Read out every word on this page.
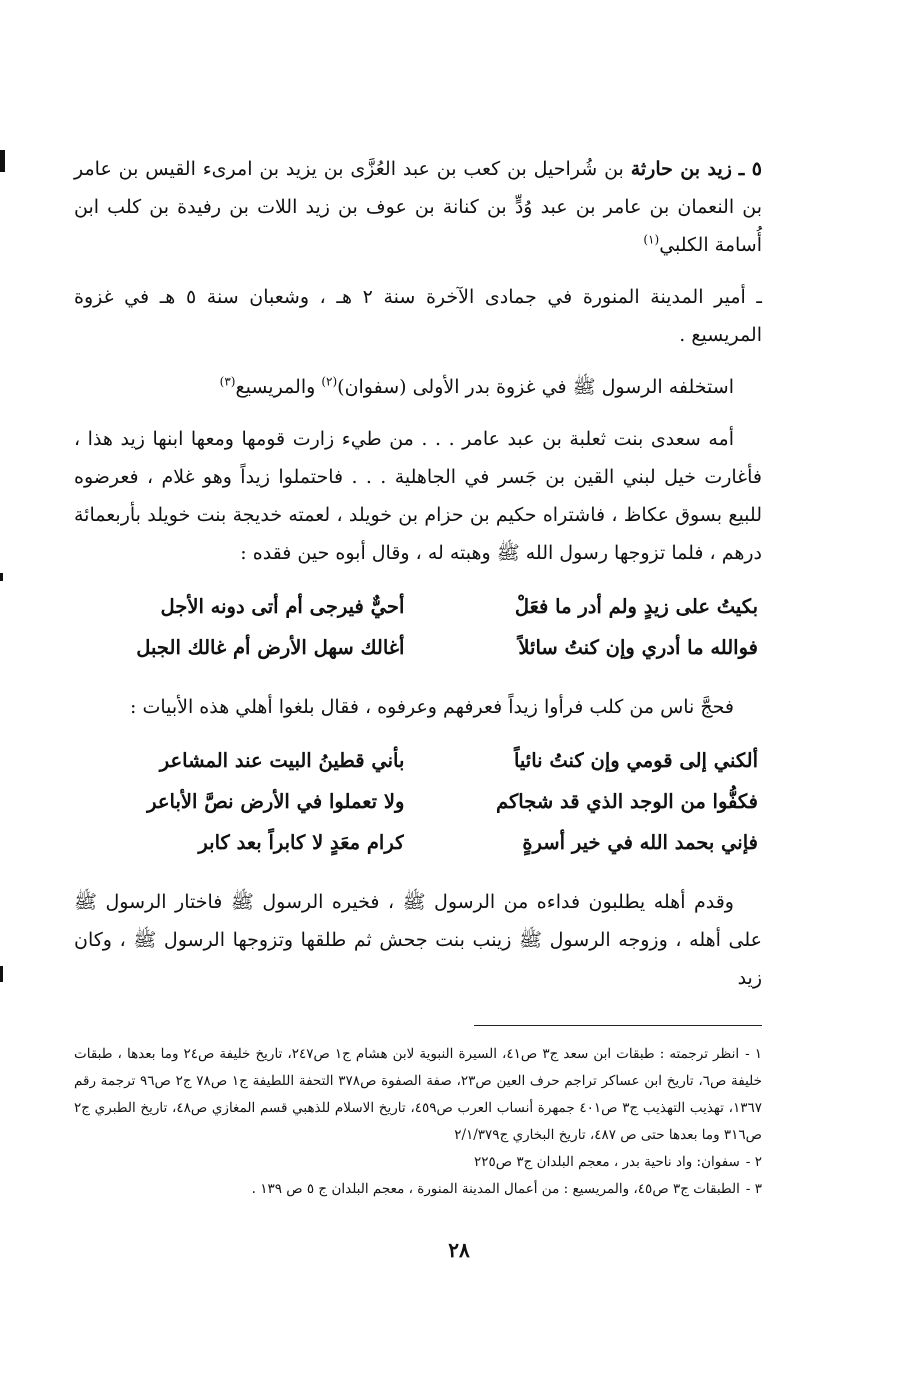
٥ ـ زيد بن حارثة بن شُراحيل بن كعب بن عبد العُزَّى بن يزيد بن امرىء القيس بن عامر بن النعمان بن عامر بن عبد وُدٍّ بن كنانة بن عوف بن زيد اللات بن رفيدة بن كلب ابن أُسامة الكلبي$^{(١)}$

ـ أمير المدينة المنورة في جمادى الآخرة سنة ٢ هـ ، وشعبان سنة ٥ هـ في غزوة المريسيع .

استخلفه الرسول ﷺ في غزوة بدر الأولى (سفوان)$^{(٢)}$ والمريسيع$^{(٣)}$

أمه سعدى بنت ثعلبة بن عبد عامر . . . من طيء زارت قومها ومعها ابنها زيد هذا ، فأغارت خيل لبني القين بن جَسر في الجاهلية . . . فاحتملوا زيداً وهو غلام ، فعرضوه للبيع بسوق عكاظ ، فاشتراه حكيم بن حزام بن خويلد ، لعمته خديجة بنت خويلد بأربعمائة درهم ، فلما تزوجها رسول الله ﷺ وهبته له ، وقال أبوه حين فقده :

بكيتُ على زيدٍ ولم أدر ما فعَلْ
أحيٌّ فيرجى أم أتى دونه الأجل
فوالله ما أدري وإن كنتُ سائلاً
أغالك سهل الأرض أم غالك الجبل

فحجَّ ناس من كلب فرأوا زيداً فعرفهم وعرفوه ، فقال بلغوا أهلي هذه الأبيات :

ألكني إلى قومي وإن كنتُ نائياً
بأني قطينُ البيت عند المشاعر
فكفُّوا من الوجد الذي قد شجاكم
ولا تعملوا في الأرض نصَّ الأباعر
فإني بحمد الله في خير أسرةٍ
كرام معَدٍ لا كابراً بعد كابر

وقدم أهله يطلبون فداءه من الرسول ﷺ ، فخيره الرسول ﷺ فاختار الرسول ﷺ على أهله ، وزوجه الرسول ﷺ زينب بنت جحش ثم طلقها وتزوجها الرسول ﷺ ، وكان زيد

١ -انظر ترجمته : طبقات ابن سعد ج٣ ص٤١، السيرة النبوية لابن هشام ج١ ص٢٤٧، تاريخ خليفة ص٢٤ وما بعدها ، طبقات خليفة ص٦، تاريخ ابن عساكر تراجم حرف العين ص٢٣، صفة الصفوة ص٣٧٨ التحفة اللطيفة ج١ ص٧٨ ج٢ ص٩٦ ترجمة رقم ١٣٦٧، تهذيب التهذيب ج٣ ص٤٠١ جمهرة أنساب العرب ص٤٥٩، تاريخ الاسلام للذهبي قسم المغازي ص٤٨، تاريخ الطبري ج٢ ص٣١٦ وما بعدها حتى ص ٤٨٧، تاريخ البخاري ج٢/١/٣٧٩

٢ -سفوان: واد ناحية بدر ، معجم البلدان ج٣ ص٢٢٥

٣ -الطبقات ج٣ ص٤٥، والمريسيع : من أعمال المدينة المنورة ، معجم البلدان ج ٥ ص ١٣٩ .

٢٨
